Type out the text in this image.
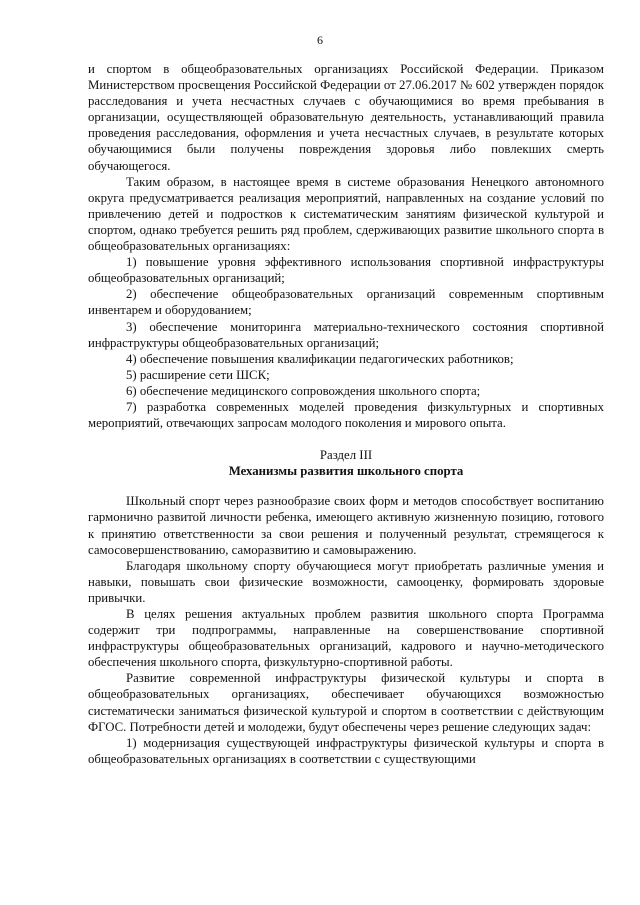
6

и спортом в общеобразовательных организациях Российской Федерации. Приказом Министерством просвещения Российской Федерации от 27.06.2017 № 602 утвержден порядок расследования и учета несчастных случаев с обучающимися во время пребывания в организации, осуществляющей образовательную деятельность, устанавливающий правила проведения расследования, оформления и учета несчастных случаев, в результате которых обучающимися были получены повреждения здоровья либо повлекших смерть обучающегося.

Таким образом, в настоящее время в системе образования Ненецкого автономного округа предусматривается реализация мероприятий, направленных на создание условий по привлечению детей и подростков к систематическим занятиям физической культурой и спортом, однако требуется решить ряд проблем, сдерживающих развитие школьного спорта в общеобразовательных организациях:

1) повышение уровня эффективного использования спортивной инфраструктуры общеобразовательных организаций;

2) обеспечение общеобразовательных организаций современным спортивным инвентарем и оборудованием;

3) обеспечение мониторинга материально-технического состояния спортивной инфраструктуры общеобразовательных организаций;

4) обеспечение повышения квалификации педагогических работников;

5) расширение сети ШСК;

6) обеспечение медицинского сопровождения школьного спорта;

7) разработка современных моделей проведения физкультурных и спортивных мероприятий, отвечающих запросам молодого поколения и мирового опыта.

Раздел III
Механизмы развития школьного спорта

Школьный спорт через разнообразие своих форм и методов способствует воспитанию гармонично развитой личности ребенка, имеющего активную жизненную позицию, готового к принятию ответственности за свои решения и полученный результат, стремящегося к самосовершенствованию, саморазвитию и самовыражению.

Благодаря школьному спорту обучающиеся могут приобретать различные умения и навыки, повышать свои физические возможности, самооценку, формировать здоровые привычки.

В целях решения актуальных проблем развития школьного спорта Программа содержит три подпрограммы, направленные на совершенствование спортивной инфраструктуры общеобразовательных организаций, кадрового и научно-методического обеспечения школьного спорта, физкультурно-спортивной работы.

Развитие современной инфраструктуры физической культуры и спорта в общеобразовательных организациях, обеспечивает обучающихся возможностью систематически заниматься физической культурой и спортом в соответствии с действующим ФГОС. Потребности детей и молодежи, будут обеспечены через решение следующих задач:

1) модернизация существующей инфраструктуры физической культуры и спорта в общеобразовательных организациях в соответствии с существующими
